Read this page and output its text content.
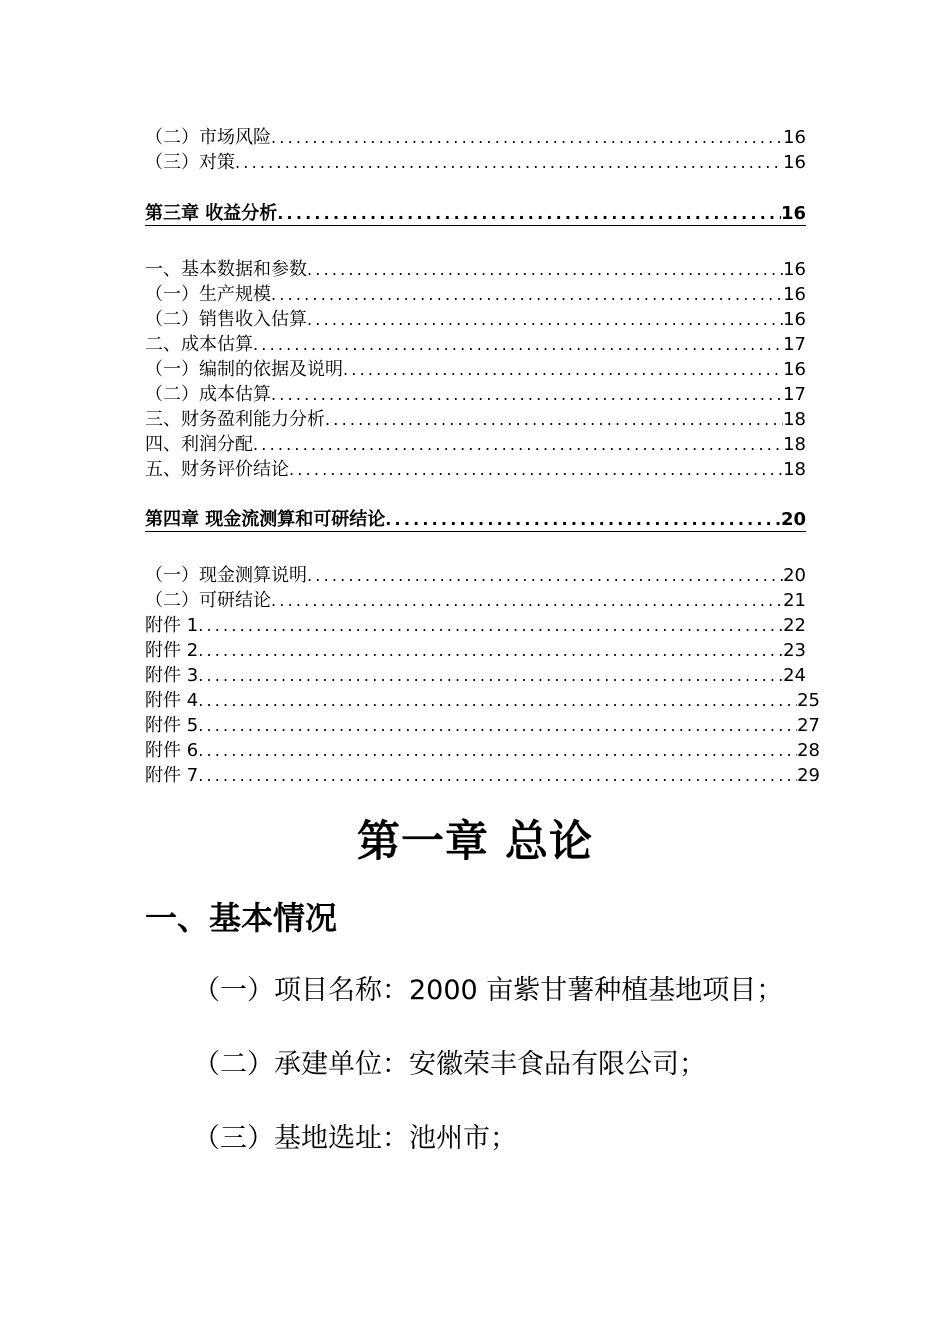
（二）市场风险 .....	16
（三）对策 .....	16
第三章 收益分析 .....	16
一、基本数据和参数 .....	16
（一）生产规模 .....	16
（二）销售收入估算 .....	16
二、成本估算 .....	17
（一）编制的依据及说明 .....	16
（二）成本估算 .....	17
三、财务盈利能力分析 .....	18
四、利润分配 .....	18
五、财务评价结论 .....	18
第四章 现金流测算和可研结论 .....	20
（一）现金测算说明 .....	20
（二）可研结论 .....	21
附件 1 .....	22
附件 2 .....	23
附件 3 .....	24
附件 4 .....	25
附件 5 .....	27
附件 6 .....	28
附件 7 .....	29
第一章 总论
一、基本情况
（一）项目名称：2000 亩紫甘薯种植基地项目；
（二）承建单位：安徽荣丰食品有限公司；
（三）基地选址：池州市；
